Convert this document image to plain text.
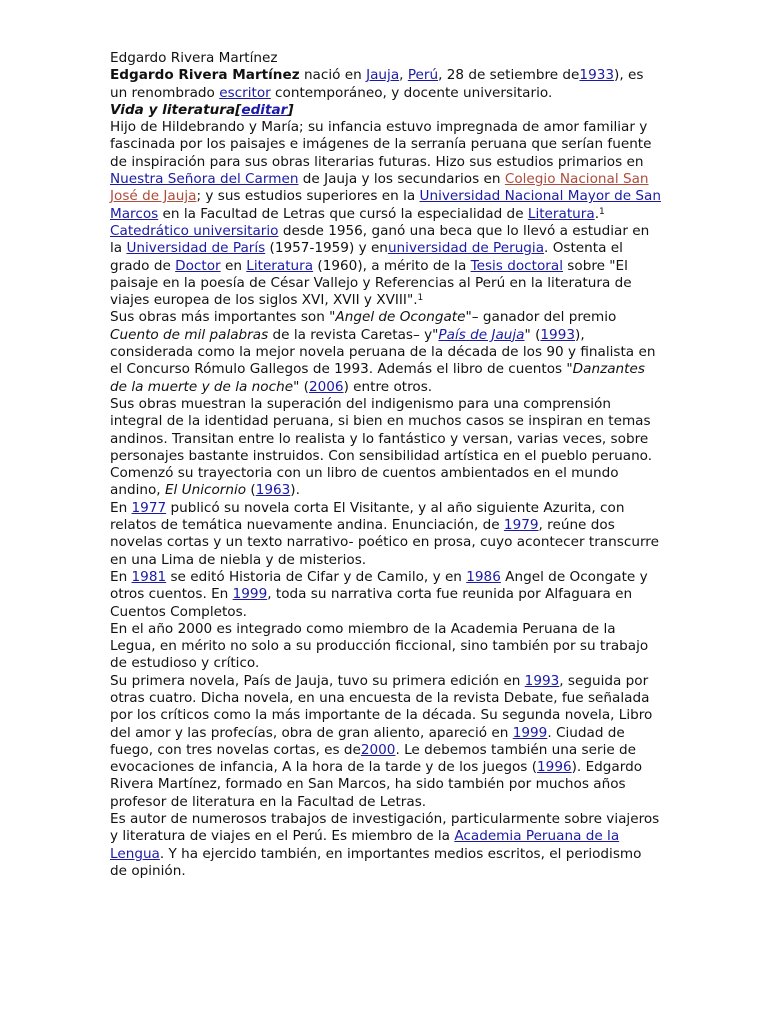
Edgardo Rivera Martínez

Edgardo Rivera Martínez nació en Jauja, Perú, 28 de setiembre de1933), es un renombrado escritor contemporáneo, y docente universitario.

Vida y literatura[editar]

Hijo de Hildebrando y María; su infancia estuvo impregnada de amor familiar y fascinada por los paisajes e imágenes de la serranía peruana que serían fuente de inspiración para sus obras literarias futuras. Hizo sus estudios primarios en Nuestra Señora del Carmen de Jauja y los secundarios en Colegio Nacional San José de Jauja; y sus estudios superiores en la Universidad Nacional Mayor de San Marcos en la Facultad de Letras que cursó la especialidad de Literatura.$^1$

Catedrático universitario desde 1956, ganó una beca que lo llevó a estudiar en la Universidad de París (1957-1959) y enuniversidad de Perugia. Ostenta el grado de Doctor en Literatura (1960), a mérito de la Tesis doctoral sobre "El paisaje en la poesía de César Vallejo y Referencias al Perú en la literatura de viajes europea de los siglos XVI, XVII y XVIII".$^1$

Sus obras más importantes son "Angel de Ocongate"– ganador del premio Cuento de mil palabras de la revista Caretas– y"País de Jauja" (1993), considerada como la mejor novela peruana de la década de los 90 y finalista en el Concurso Rómulo Gallegos de 1993. Además el libro de cuentos "Danzantes de la muerte y de la noche" (2006) entre otros.

Sus obras muestran la superación del indigenismo para una comprensión integral de la identidad peruana, si bien en muchos casos se inspiran en temas andinos. Transitan entre lo realista y lo fantástico y versan, varias veces, sobre personajes bastante instruidos. Con sensibilidad artística en el pueblo peruano.

Comenzó su trayectoria con un libro de cuentos ambientados en el mundo andino, El Unicornio (1963).

En 1977 publicó su novela corta El Visitante, y al año siguiente Azurita, con relatos de temática nuevamente andina. Enunciación, de 1979, reúne dos novelas cortas y un texto narrativo- poético en prosa, cuyo acontecer transcurre en una Lima de niebla y de misterios.

En 1981 se editó Historia de Cifar y de Camilo, y en 1986 Angel de Ocongate y otros cuentos. En 1999, toda su narrativa corta fue reunida por Alfaguara en Cuentos Completos.

En el año 2000 es integrado como miembro de la Academia Peruana de la Legua, en mérito no solo a su producción ficcional, sino también por su trabajo de estudioso y crítico.

Su primera novela, País de Jauja, tuvo su primera edición en 1993, seguida por otras cuatro. Dicha novela, en una encuesta de la revista Debate, fue señalada por los críticos como la más importante de la década. Su segunda novela, Libro del amor y las profecías, obra de gran aliento, apareció en 1999. Ciudad de fuego, con tres novelas cortas, es de2000. Le debemos también una serie de evocaciones de infancia, A la hora de la tarde y de los juegos (1996). Edgardo Rivera Martínez, formado en San Marcos, ha sido también por muchos años profesor de literatura en la Facultad de Letras.

Es autor de numerosos trabajos de investigación, particularmente sobre viajeros y literatura de viajes en el Perú. Es miembro de la Academia Peruana de la Lengua. Y ha ejercido también, en importantes medios escritos, el periodismo de opinión.
